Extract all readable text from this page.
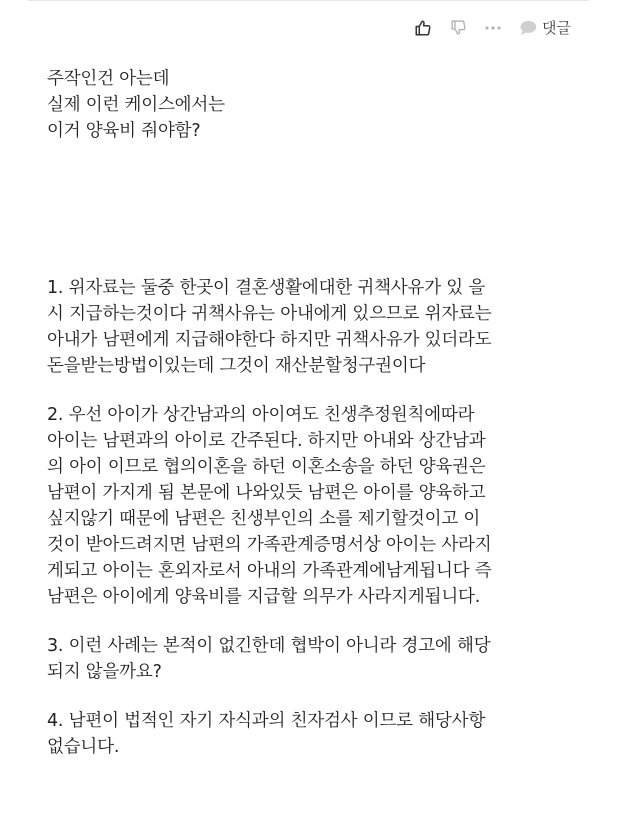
댓글

주작인건 아는데
실제 이런 케이스에서는
이거 양육비 줘야함?

1. 위자료는 둘중 한곳이 결혼생활에대한 귀책사유가 있 을
시 지급하는것이다 귀책사유는 아내에게 있으므로 위자료는
아내가 남편에게 지급해야한다 하지만 귀책사유가 있더라도
돈을받는방법이있는데 그것이 재산분할청구권이다

2. 우선 아이가 상간남과의 아이여도 친생추정원칙에따라
아이는 남편과의 아이로 간주된다. 하지만 아내와 상간남과
의 아이 이므로 협의이혼을 하던 이혼소송을 하던 양육권은
남편이 가지게 됨 본문에 나와있듯 남편은 아이를 양육하고
싶지않기 때문에 남편은 친생부인의 소를 제기할것이고 이
것이 받아드려지면 남편의 가족관계증명서상 아이는 사라지
게되고 아이는 혼외자로서 아내의 가족관계에남게됩니다 즉
남편은 아이에게 양육비를 지급할 의무가 사라지게됩니다.

3. 이런 사례는 본적이 없긴한데 협박이 아니라 경고에 해당
되지 않을까요?

4. 남편이 법적인 자기 자식과의 친자검사 이므로 해당사항
없습니다.
